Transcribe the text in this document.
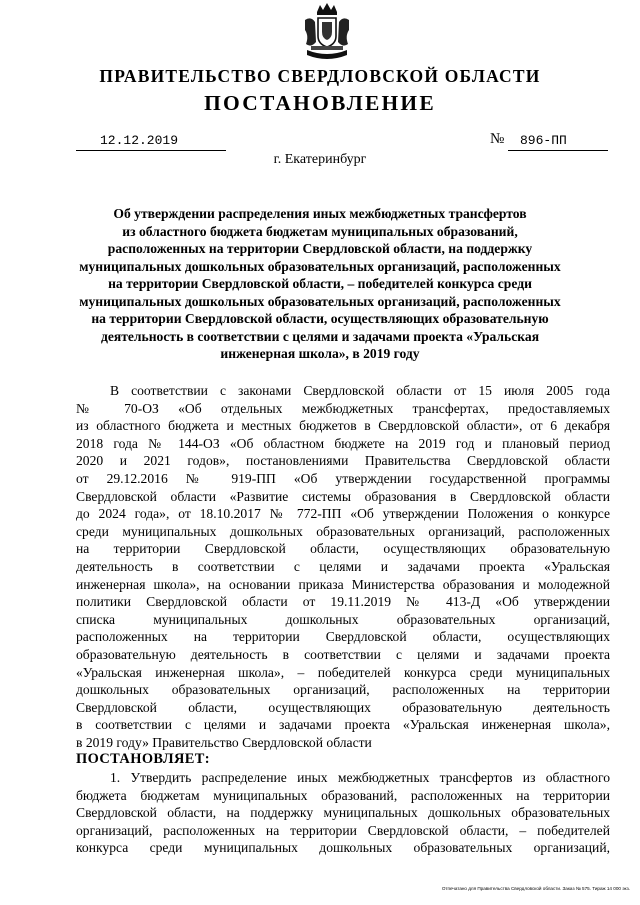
ПРАВИТЕЛЬСТВО СВЕРДЛОВСКОЙ ОБЛАСТИ
ПОСТАНОВЛЕНИЕ
12.12.2019	№ 896-ПП
г. Екатеринбург
Об утверждении распределения иных межбюджетных трансфертов
из областного бюджета бюджетам муниципальных образований,
расположенных на территории Свердловской области, на поддержку
муниципальных дошкольных образовательных организаций, расположенных
на территории Свердловской области, – победителей конкурса среди
муниципальных дошкольных образовательных организаций, расположенных
на территории Свердловской области, осуществляющих образовательную
деятельность в соответствии с целями и задачами проекта «Уральская
инженерная школа», в 2019 году
В соответствии с законами Свердловской области от 15 июля 2005 года
№ 70-ОЗ «Об отдельных межбюджетных трансфертах, предоставляемых
из областного бюджета и местных бюджетов в Свердловской области», от 6 декабря
2018 года № 144-ОЗ «Об областном бюджете на 2019 год и плановый период
2020 и 2021 годов», постановлениями Правительства Свердловской области
от 29.12.2016 № 919-ПП «Об утверждении государственной программы
Свердловской области «Развитие системы образования в Свердловской области
до 2024 года», от 18.10.2017 № 772-ПП «Об утверждении Положения о конкурсе
среди муниципальных дошкольных образовательных организаций, расположенных
на территории Свердловской области, осуществляющих образовательную
деятельность в соответствии с целями и задачами проекта «Уральская
инженерная школа», на основании приказа Министерства образования и молодежной
политики Свердловской области от 19.11.2019 № 413-Д «Об утверждении
списка муниципальных дошкольных образовательных организаций,
расположенных на территории Свердловской области, осуществляющих
образовательную деятельность в соответствии с целями и задачами проекта
«Уральская инженерная школа», – победителей конкурса среди муниципальных
дошкольных образовательных организаций, расположенных на территории
Свердловской области, осуществляющих образовательную деятельность
в соответствии с целями и задачами проекта «Уральская инженерная школа»,
в 2019 году» Правительство Свердловской области
ПОСТАНОВЛЯЕТ:
1. Утвердить распределение иных межбюджетных трансфертов из областного
бюджета бюджетам муниципальных образований, расположенных на территории
Свердловской области, на поддержку муниципальных дошкольных образовательных
организаций, расположенных на территории Свердловской области, – победителей
конкурса среди муниципальных дошкольных образовательных организаций,
Отпечатано для Правительства Свердловской области. Заказ № 575. Тираж 14 000 экз.
